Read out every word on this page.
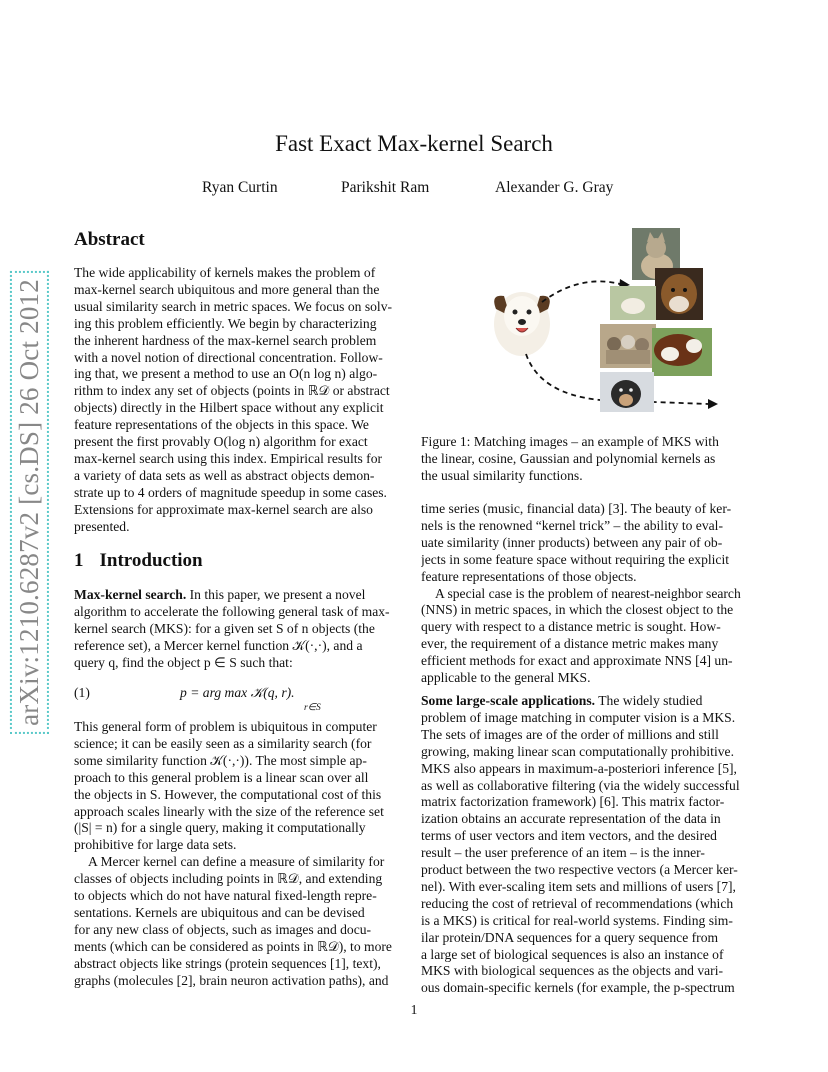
arXiv:1210.6287v2 [cs.DS] 26 Oct 2012
Fast Exact Max-kernel Search
Ryan Curtin	Parikshit Ram	Alexander G. Gray
Abstract
The wide applicability of kernels makes the problem of
max-kernel search ubiquitous and more general than the
usual similarity search in metric spaces. We focus on solv-
ing this problem efficiently. We begin by characterizing
the inherent hardness of the max-kernel search problem
with a novel notion of directional concentration. Follow-
ing that, we present a method to use an O(n log n) algo-
rithm to index any set of objects (points in ℝ𝒟 or abstract
objects) directly in the Hilbert space without any explicit
feature representations of the objects in this space. We
present the first provably O(log n) algorithm for exact
max-kernel search using this index. Empirical results for
a variety of data sets as well as abstract objects demon-
strate up to 4 orders of magnitude speedup in some cases.
Extensions for approximate max-kernel search are also
presented.
1 Introduction
Max-kernel search. In this paper, we present a novel
algorithm to accelerate the following general task of max-
kernel search (MKS): for a given set S of n objects (the
reference set), a Mercer kernel function 𝒦(·,·), and a
query q, find the object p ∈ S such that:
(1)	p = arg max 𝒦(q, r).
r∈S
This general form of problem is ubiquitous in computer
science; it can be easily seen as a similarity search (for
some similarity function 𝒦(·,·)). The most simple ap-
proach to this general problem is a linear scan over all
the objects in S. However, the computational cost of this
approach scales linearly with the size of the reference set
(|S| = n) for a single query, making it computationally
prohibitive for large data sets.
A Mercer kernel can define a measure of similarity for
classes of objects including points in ℝ𝒟, and extending
to objects which do not have natural fixed-length repre-
sentations. Kernels are ubiquitous and can be devised
for any new class of objects, such as images and docu-
ments (which can be considered as points in ℝ𝒟), to more
abstract objects like strings (protein sequences [1], text),
graphs (molecules [2], brain neuron activation paths), and
Figure 1: Matching images – an example of MKS with
the linear, cosine, Gaussian and polynomial kernels as
the usual similarity functions.
time series (music, financial data) [3]. The beauty of ker-
nels is the renowned “kernel trick” – the ability to eval-
uate similarity (inner products) between any pair of ob-
jects in some feature space without requiring the explicit
feature representations of those objects.
A special case is the problem of nearest-neighbor search
(NNS) in metric spaces, in which the closest object to the
query with respect to a distance metric is sought. How-
ever, the requirement of a distance metric makes many
efficient methods for exact and approximate NNS [4] un-
applicable to the general MKS.
Some large-scale applications. The widely studied
problem of image matching in computer vision is a MKS.
The sets of images are of the order of millions and still
growing, making linear scan computationally prohibitive.
MKS also appears in maximum-a-posteriori inference [5],
as well as collaborative filtering (via the widely successful
matrix factorization framework) [6]. This matrix factor-
ization obtains an accurate representation of the data in
terms of user vectors and item vectors, and the desired
result – the user preference of an item – is the inner-
product between the two respective vectors (a Mercer ker-
nel). With ever-scaling item sets and millions of users [7],
reducing the cost of retrieval of recommendations (which
is a MKS) is critical for real-world systems. Finding sim-
ilar protein/DNA sequences for a query sequence from
a large set of biological sequences is also an instance of
MKS with biological sequences as the objects and vari-
ous domain-specific kernels (for example, the p-spectrum
1
